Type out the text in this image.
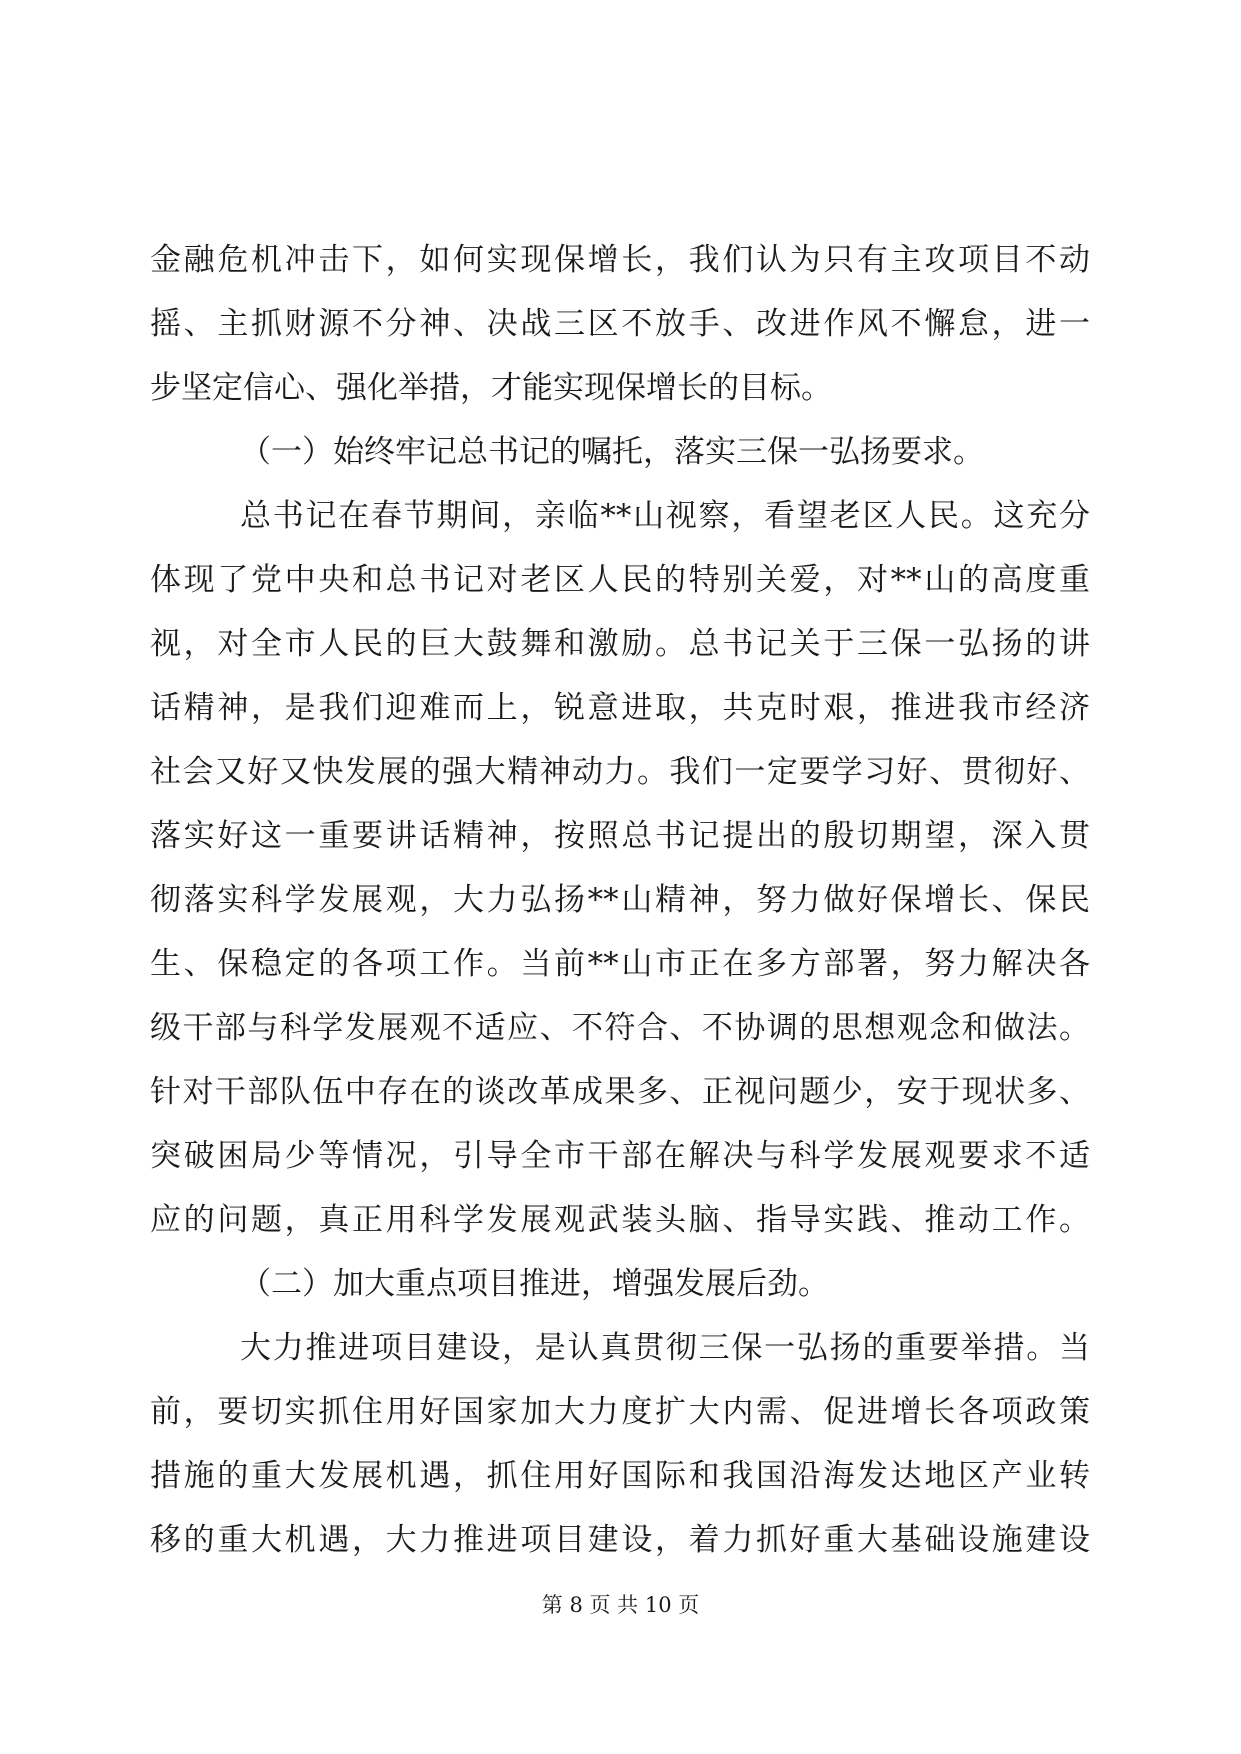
金融危机冲击下，如何实现保增长，我们认为只有主攻项目不动
摇、主抓财源不分神、决战三区不放手、改进作风不懈怠，进一
步坚定信心、强化举措，才能实现保增长的目标。
（一）始终牢记总书记的嘱托，落实三保一弘扬要求。
总书记在春节期间，亲临**山视察，看望老区人民。这充分
体现了党中央和总书记对老区人民的特别关爱，对**山的高度重
视，对全市人民的巨大鼓舞和激励。总书记关于三保一弘扬的讲
话精神，是我们迎难而上，锐意进取，共克时艰，推进我市经济
社会又好又快发展的强大精神动力。我们一定要学习好、贯彻好、
落实好这一重要讲话精神，按照总书记提出的殷切期望，深入贯
彻落实科学发展观，大力弘扬**山精神，努力做好保增长、保民
生、保稳定的各项工作。当前**山市正在多方部署，努力解决各
级干部与科学发展观不适应、不符合、不协调的思想观念和做法。
针对干部队伍中存在的谈改革成果多、正视问题少，安于现状多、
突破困局少等情况，引导全市干部在解决与科学发展观要求不适
应的问题，真正用科学发展观武装头脑、指导实践、推动工作。
（二）加大重点项目推进，增强发展后劲。
大力推进项目建设，是认真贯彻三保一弘扬的重要举措。当
前，要切实抓住用好国家加大力度扩大内需、促进增长各项政策
措施的重大发展机遇，抓住用好国际和我国沿海发达地区产业转
移的重大机遇，大力推进项目建设，着力抓好重大基础设施建设
第 8 页 共 10 页
